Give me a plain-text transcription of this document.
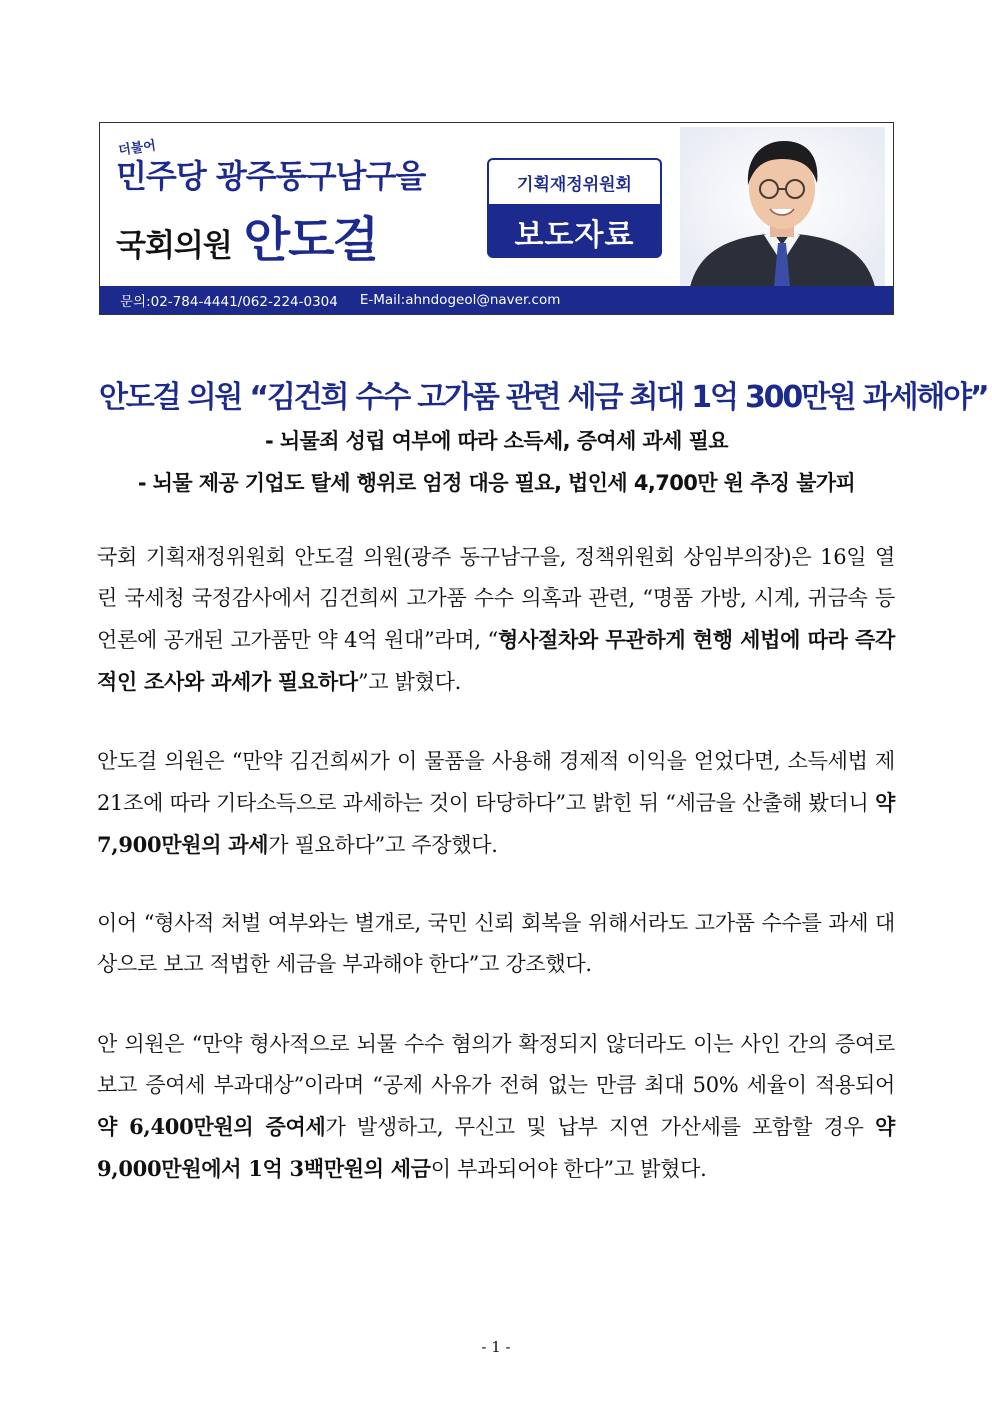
더불어
민주당 광주동구남구을
국회의원 안도걸
기획재정위원회
보도자료
문의:02-784-4441/062-224-0304 E-Mail:ahndogeol@naver.com
안도걸 의원 “김건희 수수 고가품 관련 세금 최대 1억 300만원 과세해야”
- 뇌물죄 성립 여부에 따라 소득세, 증여세 과세 필요
- 뇌물 제공 기업도 탈세 행위로 엄정 대응 필요, 법인세 4,700만 원 추징 불가피
국회 기획재정위원회 안도걸 의원(광주 동구남구을, 정책위원회 상임부의장)은 16일 열린 국세청 국정감사에서 김건희씨 고가품 수수 의혹과 관련, “명품 가방, 시계, 귀금속 등 언론에 공개된 고가품만 약 4억 원대”라며, “형사절차와 무관하게 현행 세법에 따라 즉각적인 조사와 과세가 필요하다”고 밝혔다.
안도걸 의원은 “만약 김건희씨가 이 물품을 사용해 경제적 이익을 얻었다면, 소득세법 제21조에 따라 기타소득으로 과세하는 것이 타당하다”고 밝힌 뒤 “세금을 산출해 봤더니 약 7,900만원의 과세가 필요하다”고 주장했다.
이어 “형사적 처벌 여부와는 별개로, 국민 신뢰 회복을 위해서라도 고가품 수수를 과세 대상으로 보고 적법한 세금을 부과해야 한다”고 강조했다.
안 의원은 “만약 형사적으로 뇌물 수수 혐의가 확정되지 않더라도 이는 사인 간의 증여로 보고 증여세 부과대상”이라며 “공제 사유가 전혀 없는 만큼 최대 50% 세율이 적용되어 약 6,400만원의 증여세가 발생하고, 무신고 및 납부 지연 가산세를 포함할 경우 약 9,000만원에서 1억 3백만원의 세금이 부과되어야 한다”고 밝혔다.
- 1 -
